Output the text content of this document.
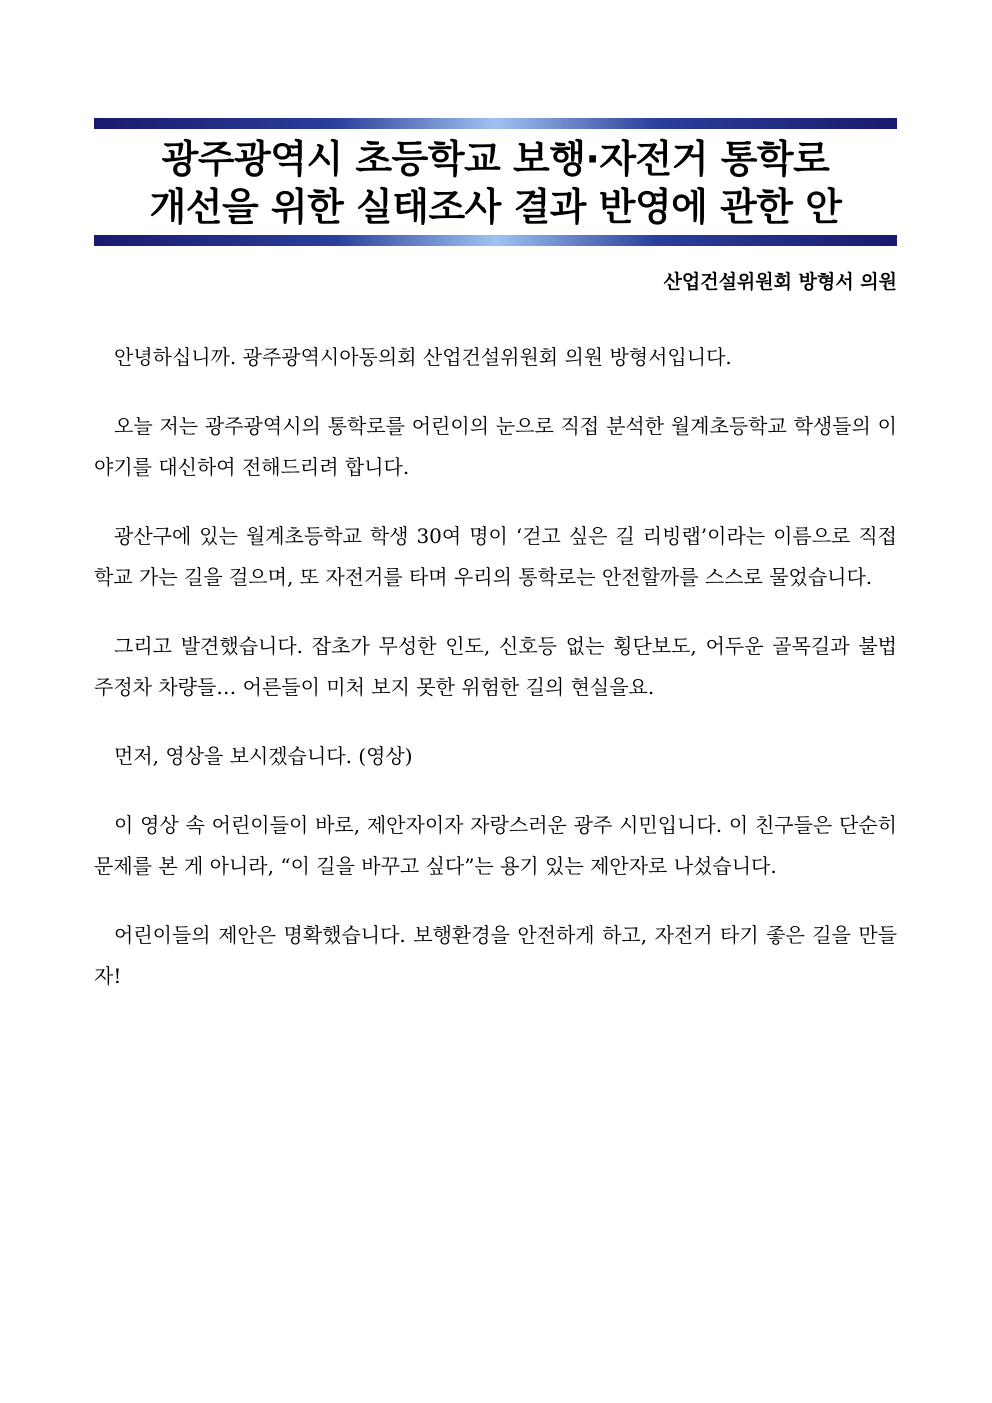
광주광역시 초등학교 보행·자전거 통학로
개선을 위한 실태조사 결과 반영에 관한 안
산업건설위원회 방형서 의원

안녕하십니까. 광주광역시아동의회 산업건설위원회 의원 방형서입니다.

오늘 저는 광주광역시의 통학로를 어린이의 눈으로 직접 분석한 월계초등학교 학생들의 이야기를 대신하여 전해드리려 합니다.

광산구에 있는 월계초등학교 학생 30여 명이 ‘걷고 싶은 길 리빙랩’이라는 이름으로 직접 학교 가는 길을 걸으며, 또 자전거를 타며 우리의 통학로는 안전할까를 스스로 물었습니다.

그리고 발견했습니다. 잡초가 무성한 인도, 신호등 없는 횡단보도, 어두운 골목길과 불법 주정차 차량들… 어른들이 미처 보지 못한 위험한 길의 현실을요.

먼저, 영상을 보시겠습니다. (영상)

이 영상 속 어린이들이 바로, 제안자이자 자랑스러운 광주 시민입니다. 이 친구들은 단순히 문제를 본 게 아니라, “이 길을 바꾸고 싶다”는 용기 있는 제안자로 나섰습니다.

어린이들의 제안은 명확했습니다. 보행환경을 안전하게 하고, 자전거 타기 좋은 길을 만들자!
